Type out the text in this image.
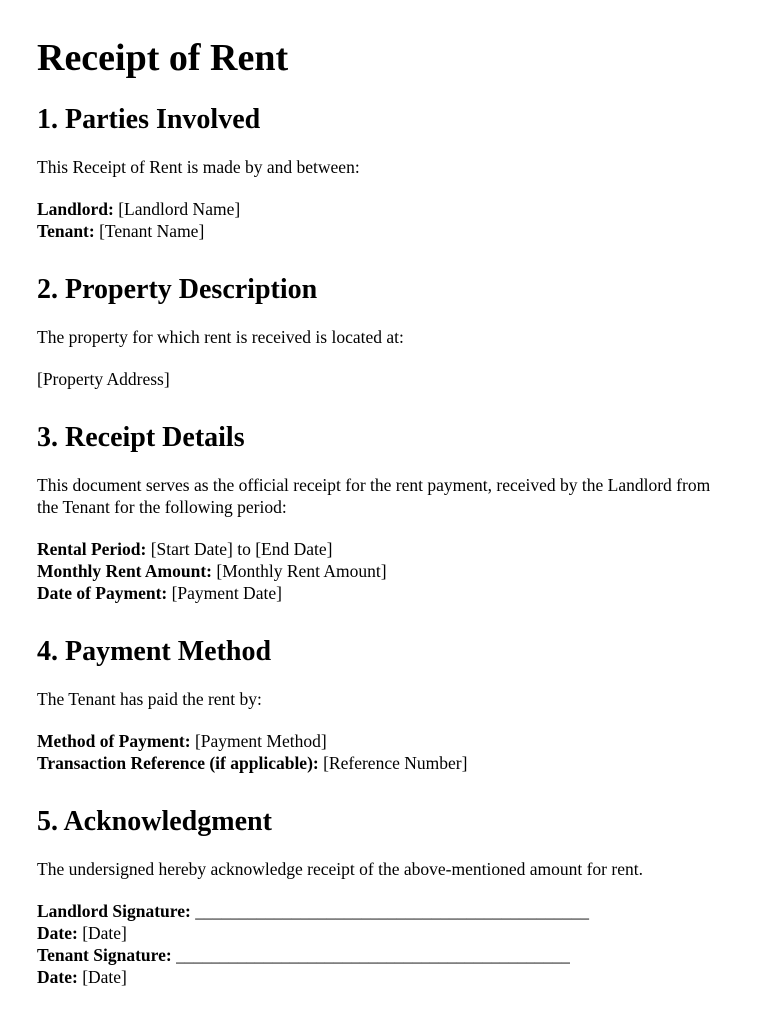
Receipt of Rent
1. Parties Involved

This Receipt of Rent is made by and between:

Landlord: [Landlord Name]

Tenant: [Tenant Name]

2. Property Description

The property for which rent is received is located at:

[Property Address]

3. Receipt Details

This document serves as the official receipt for the rent payment, received by the Landlord from the Tenant for the following period:

Rental Period: [Start Date] to [End Date]

Monthly Rent Amount: [Monthly Rent Amount]

Date of Payment: [Payment Date]

4. Payment Method

The Tenant has paid the rent by:

Method of Payment: [Payment Method]

Transaction Reference (if applicable): [Reference Number]

5. Acknowledgment

The undersigned hereby acknowledge receipt of the above-mentioned amount for rent.

Landlord Signature: _____________________________________________

Date: [Date]

Tenant Signature: _____________________________________________

Date: [Date]
